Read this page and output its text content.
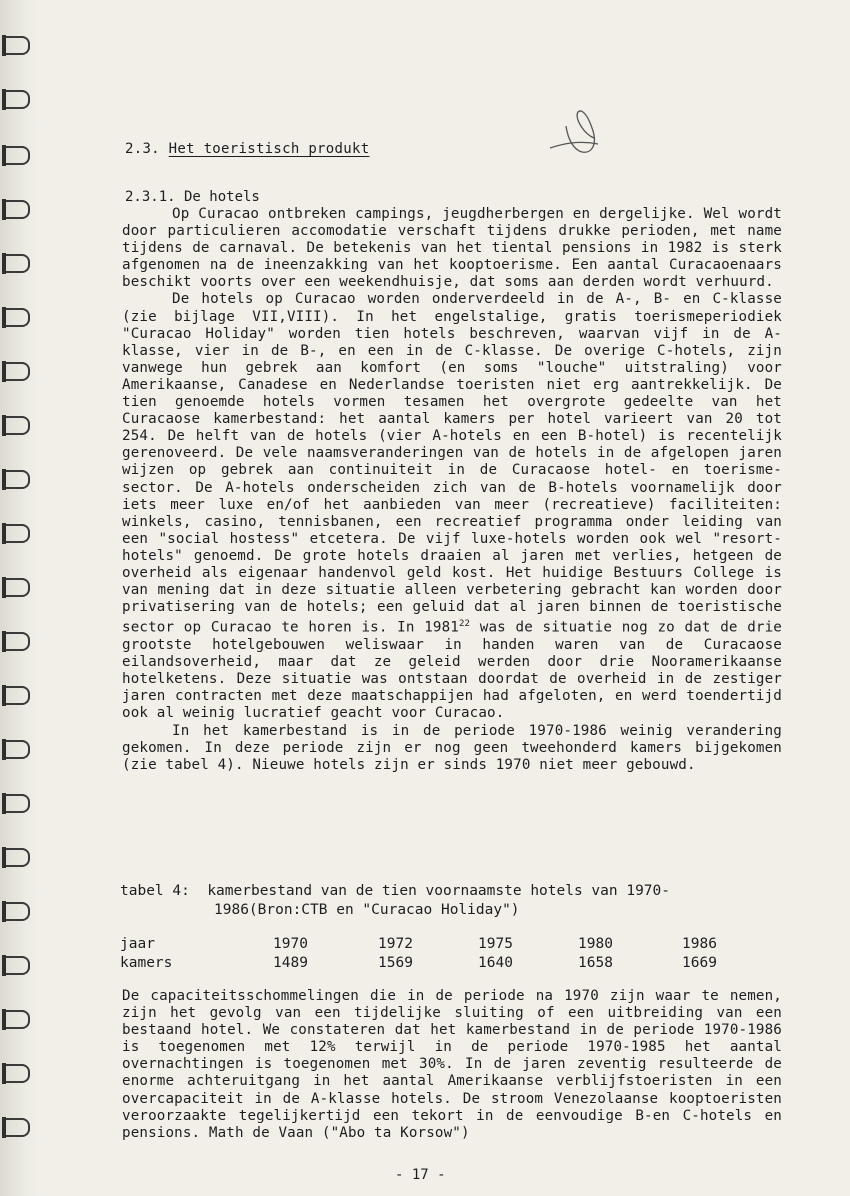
2.3. Het toeristisch produkt
2.3.1. De hotels

Op Curacao ontbreken campings, jeugdherbergen en dergelijke. Wel wordt door particulieren accomodatie verschaft tijdens drukke perioden, met name tijdens de carnaval. De betekenis van het tiental pensions in 1982 is sterk afgenomen na de ineenzakking van het kooptoerisme. Een aantal Curacaoenaars beschikt voorts over een weekendhuisje, dat soms aan derden wordt verhuurd.

De hotels op Curacao worden onderverdeeld in de A-, B- en C-klasse (zie bijlage VII,VIII). In het engelstalige, gratis toerismeperiodiek "Curacao Holiday" worden tien hotels beschreven, waarvan vijf in de A-klasse, vier in de B-, en een in de C-klasse. De overige C-hotels, zijn vanwege hun gebrek aan komfort (en soms "louche" uitstraling) voor Amerikaanse, Canadese en Nederlandse toeristen niet erg aantrekkelijk. De tien genoemde hotels vormen tesamen het overgrote gedeelte van het Curacaose kamerbestand: het aantal kamers per hotel varieert van 20 tot 254. De helft van de hotels (vier A-hotels en een B-hotel) is recentelijk gerenoveerd. De vele naamsveranderingen van de hotels in de afgelopen jaren wijzen op gebrek aan continuiteit in de Curacaose hotel- en toerisme-sector. De A-hotels onderscheiden zich van de B-hotels voornamelijk door iets meer luxe en/of het aanbieden van meer (recreatieve) faciliteiten: winkels, casino, tennisbanen, een recreatief programma onder leiding van een "social hostess" etcetera. De vijf luxe-hotels worden ook wel "resort-hotels" genoemd. De grote hotels draaien al jaren met verlies, hetgeen de overheid als eigenaar handenvol geld kost. Het huidige Bestuurs College is van mening dat in deze situatie alleen verbetering gebracht kan worden door privatisering van de hotels; een geluid dat al jaren binnen de toeristische sector op Curacao te horen is. In 1981$^{22}$ was de situatie nog zo dat de drie grootste hotelgebouwen weliswaar in handen waren van de Curacaose eilandsoverheid, maar dat ze geleid werden door drie Nooramerikaanse hotelketens. Deze situatie was ontstaan doordat de overheid in de zestiger jaren contracten met deze maatschappijen had afgeloten, en werd toendertijd ook al weinig lucratief geacht voor Curacao.

In het kamerbestand is in de periode 1970-1986 weinig verandering gekomen. In deze periode zijn er nog geen tweehonderd kamers bijgekomen (zie tabel 4). Nieuwe hotels zijn er sinds 1970 niet meer gebouwd.

tabel 4: kamerbestand van de tien voornaamste hotels van 1970-
1986(Bron:CTB en "Curacao Holiday")
jaar	1970	1972	1975	1980	1986
kamers	1489	1569	1640	1658	1669

De capaciteitsschommelingen die in de periode na 1970 zijn waar te nemen, zijn het gevolg van een tijdelijke sluiting of een uitbreiding van een bestaand hotel. We constateren dat het kamerbestand in de periode 1970-1986 is toegenomen met 12% terwijl in de periode 1970-1985 het aantal overnachtingen is toegenomen met 30%. In de jaren zeventig resulteerde de enorme achteruitgang in het aantal Amerikaanse verblijfstoeristen in een overcapaciteit in de A-klasse hotels. De stroom Venezolaanse kooptoeristen veroorzaakte tegelijkertijd een tekort in de eenvoudige B-en C-hotels en pensions. Math de Vaan ("Abo ta Korsow")

- 17 -
